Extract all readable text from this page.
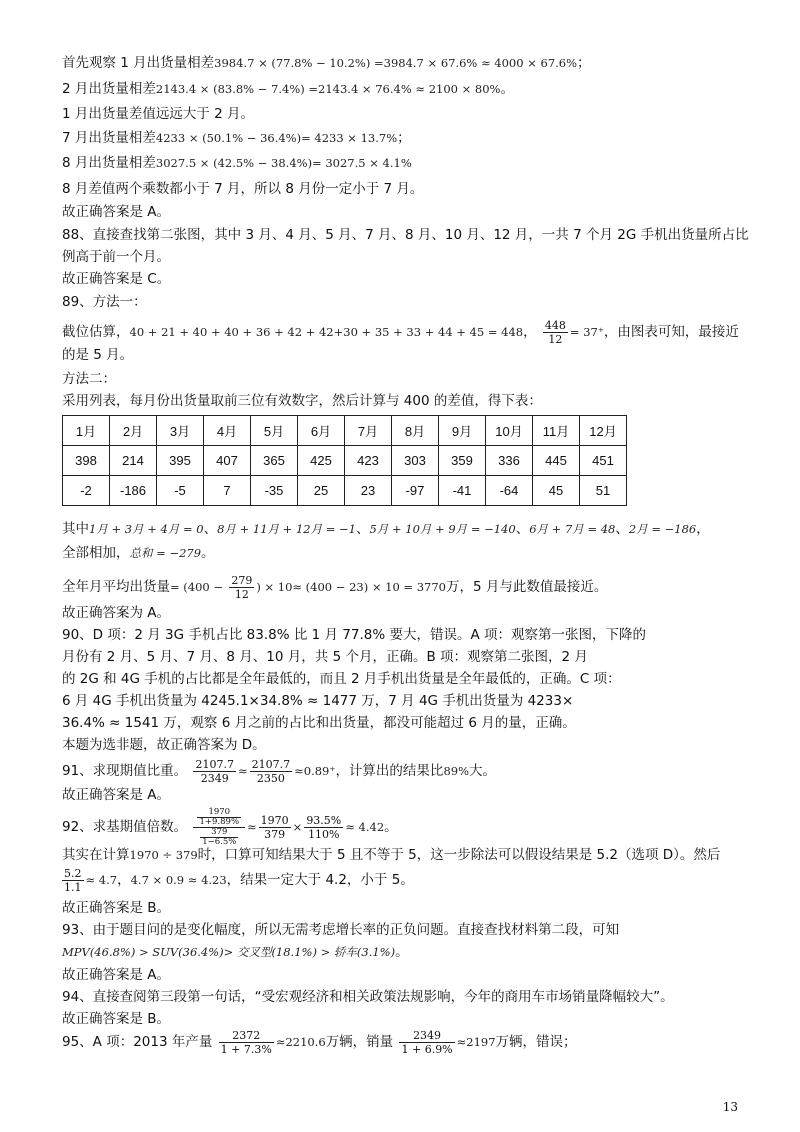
首先观察 1 月出货量相差3984.7 × (77.8% − 10.2%) =3984.7 × 67.6% ≈ 4000 × 67.6%；
2 月出货量相差2143.4 × (83.8% − 7.4%) =2143.4 × 76.4% ≈ 2100 × 80%。
1 月出货量差值远远大于 2 月。
7 月出货量相差4233 × (50.1% − 36.4%)= 4233 × 13.7%；
8 月出货量相差3027.5 × (42.5% − 38.4%)= 3027.5 × 4.1%
8 月差值两个乘数都小于 7 月，所以 8 月份一定小于 7 月。
故正确答案是 A。
88、直接查找第二张图，其中 3 月、4 月、5 月、7 月、8 月、10 月、12 月，一共 7 个月 2G 手机出货量所占比
例高于前一个月。
故正确答案是 C。
89、方法一：
截位估算，40 + 21 + 40 + 40 + 36 + 42 + 42+30 + 35 + 33 + 44 + 45 = 448， $\frac{448}{12} = 37^+$，由图表可知，最接近
的是 5 月。
方法二：
采用列表，每月份出货量取前三位有效数字，然后计算与 400 的差值，得下表：
1月	2月	3月	4月	5月	6月	7月	8月	9月	10月	11月	12月
398	214	395	407	365	425	423	303	359	336	445	451
-2	-186	-5	7	-35	25	23	-97	-41	-64	45	51
其中1月 + 3月 + 4月 = 0、8月 + 11月 + 12月 = −1、5月 + 10月 + 9月 = −140、6月 + 7月 = 48、2月 = −186，
全部相加，总和 = −279。
全年月平均出货量= ($400 - \frac{279}{12}$ ) × 10≈ (400 − 23) × 10 = 3770万，5 月与此数值最接近。
故正确答案为 A。
90、D 项：2 月 3G 手机占比 83.8% 比 1 月 77.8% 要大，错误。A 项：观察第一张图，下降的
月份有 2 月、5 月、7 月、8 月、10 月，共 5 个月，正确。B 项：观察第二张图，2 月
的 2G 和 4G 手机的占比都是全年最低的，而且 2 月手机出货量是全年最低的，正确。C 项：
6 月 4G 手机出货量为 4245.1×34.8% ≈ 1477 万，7 月 4G 手机出货量为 4233×
36.4% ≈ 1541 万，观察 6 月之前的占比和出货量，都没可能超过 6 月的量，正确。
本题为选非题，故正确答案为 D。
91、求现期值比重。 $\frac{2107.7}{2349} \approx \frac{2107.7}{2350} \approx 0.89^+$，计算出的结果比89%大。
故正确答案是 A。
92、求基期值倍数。 $\frac{\frac{1970}{1+9.89\%}}{\frac{379}{1-6.5\%}} \approx \frac{1970}{379} \times \frac{93.5\%}{110\%} \approx 4.42$。
其实在计算1970 ÷ 379时，口算可知结果大于 5 且不等于 5，这一步除法可以假设结果是 5.2（选项 D）。然后
$\frac{5.2}{1.1} \approx 4.7$，4.7 × 0.9 ≈ 4.23，结果一定大于 4.2，小于 5。
故正确答案是 B。
93、由于题目问的是变化幅度，所以无需考虑增长率的正负问题。直接查找材料第二段，可知
MPV(46.8%) > SUV(36.4%)> 交叉型(18.1%) > 轿车(3.1%)。
故正确答案是 A。
94、直接查阅第三段第一句话，“受宏观经济和相关政策法规影响，今年的商用车市场销量降幅较大”。
故正确答案是 B。
95、A 项：2013 年产量 $\frac{2372}{1 + 7.3\%} \approx 2210.6$万辆，销量 $\frac{2349}{1 + 6.9\%} \approx 2197$万辆，错误；
13
